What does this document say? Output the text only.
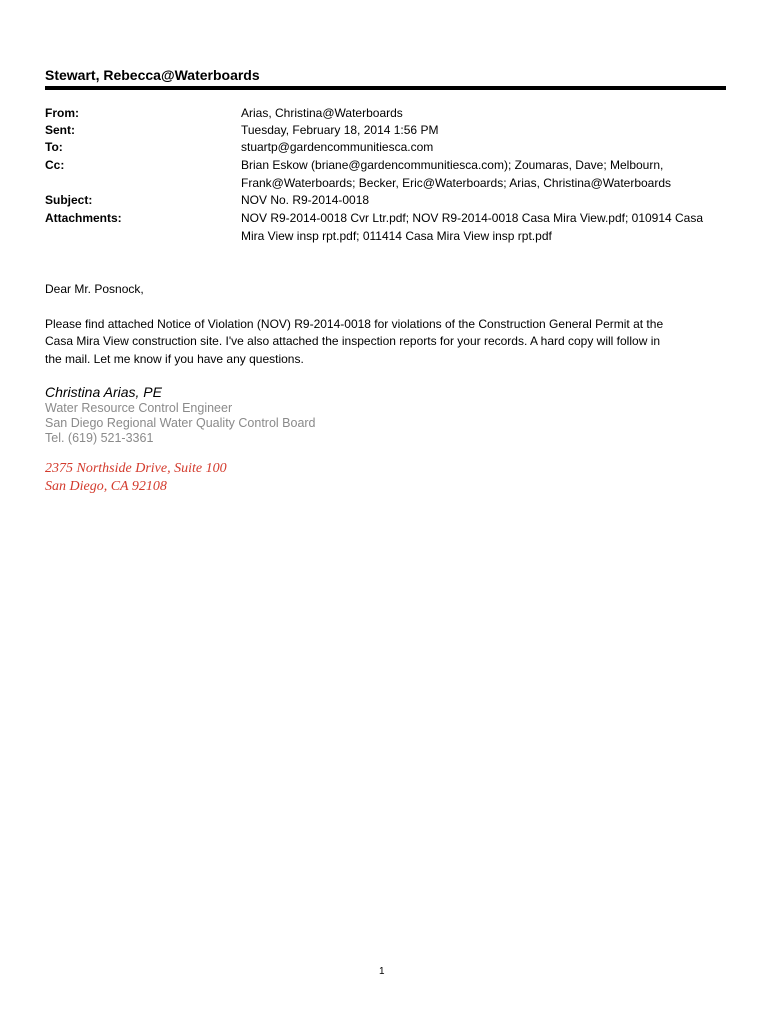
Stewart, Rebecca@Waterboards
From:	Arias, Christina@Waterboards
Sent:	Tuesday, February 18, 2014 1:56 PM
To:	stuartp@gardencommunitiesca.com
Cc:	Brian Eskow (briane@gardencommunitiesca.com); Zoumaras, Dave; Melbourn,
Frank@Waterboards; Becker, Eric@Waterboards; Arias, Christina@Waterboards
Subject:	NOV No. R9-2014-0018
Attachments:	NOV R9-2014-0018 Cvr Ltr.pdf; NOV R9-2014-0018 Casa Mira View.pdf; 010914 Casa
Mira View insp rpt.pdf; 011414 Casa Mira View insp rpt.pdf
Dear Mr. Posnock,
Please find attached Notice of Violation (NOV) R9-2014-0018 for violations of the Construction General Permit at the
Casa Mira View construction site. I've also attached the inspection reports for your records. A hard copy will follow in
the mail. Let me know if you have any questions.
Christina Arias, PE
Water Resource Control Engineer
San Diego Regional Water Quality Control Board
Tel. (619) 521-3361
2375 Northside Drive, Suite 100
San Diego, CA 92108
1
